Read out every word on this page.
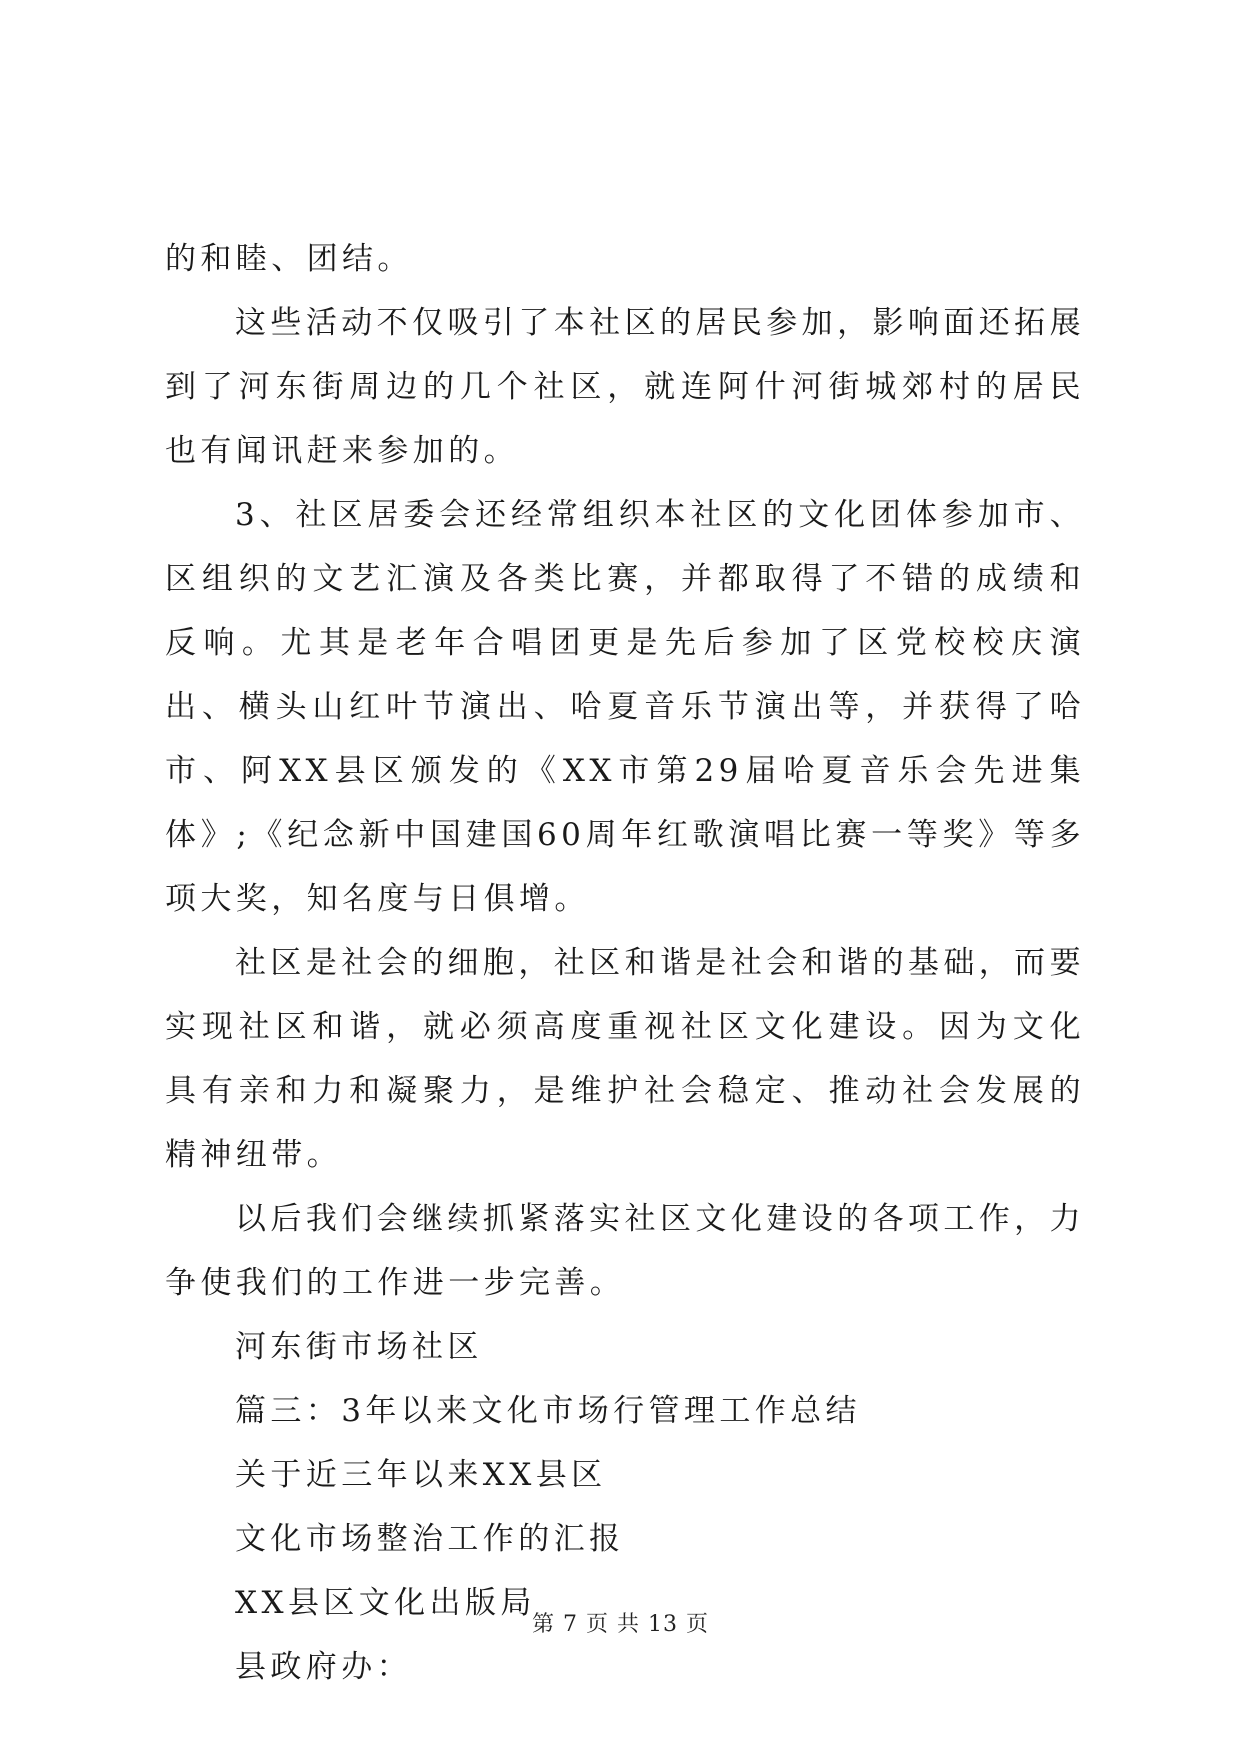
的和睦、团结。

这些活动不仅吸引了本社区的居民参加，影响面还拓展到了河东街周边的几个社区，就连阿什河街城郊村的居民也有闻讯赶来参加的。

3、社区居委会还经常组织本社区的文化团体参加市、区组织的文艺汇演及各类比赛，并都取得了不错的成绩和反响。尤其是老年合唱团更是先后参加了区党校校庆演出、横头山红叶节演出、哈夏音乐节演出等，并获得了哈市、阿XX县区颁发的《XX市第29届哈夏音乐会先进集体》;《纪念新中国建国60周年红歌演唱比赛一等奖》等多项大奖，知名度与日俱增。

社区是社会的细胞，社区和谐是社会和谐的基础，而要实现社区和谐，就必须高度重视社区文化建设。因为文化具有亲和力和凝聚力，是维护社会稳定、推动社会发展的精神纽带。

以后我们会继续抓紧落实社区文化建设的各项工作，力争使我们的工作进一步完善。

河东街市场社区

篇三：3年以来文化市场行管理工作总结

关于近三年以来XX县区

文化市场整治工作的汇报

XX县区文化出版局

县政府办：

第 7 页 共 13 页
